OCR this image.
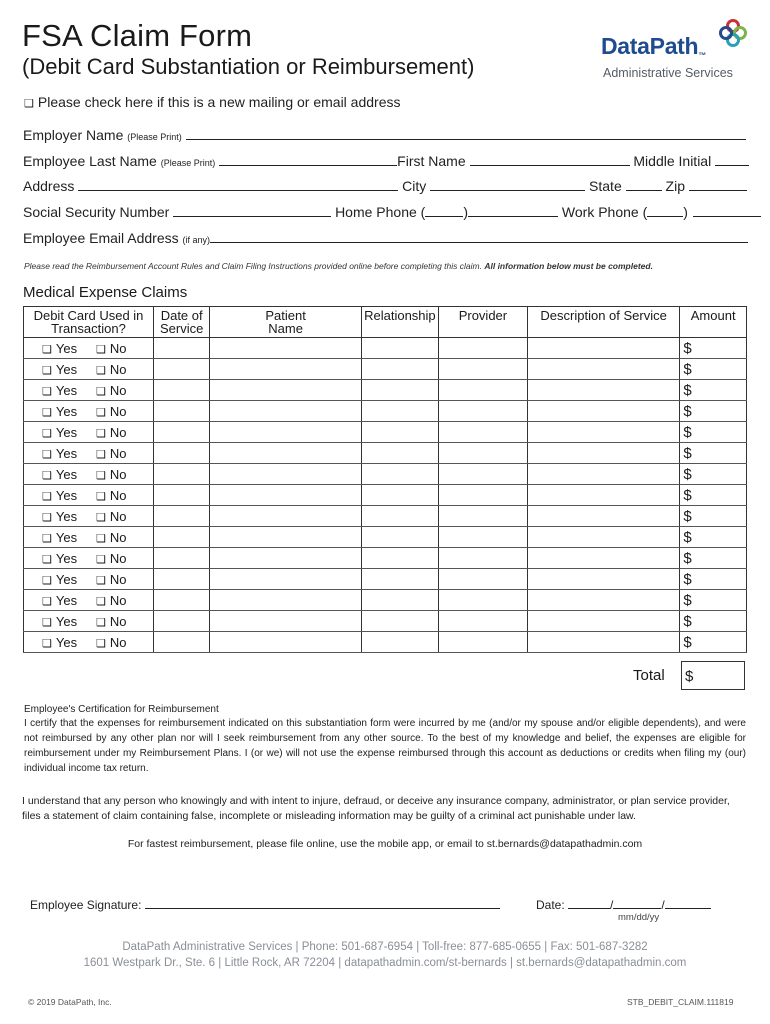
FSA Claim Form
(Debit Card Substantiation or Reimbursement)
DataPath™
Administrative Services
❑ Please check here if this is a new mailing or email address
Employer Name (Please Print)
Employee Last Name (Please Print)	First Name	Middle Initial
Address	City	State	Zip
Social Security Number	Home Phone (	)	Work Phone (	)
Employee Email Address (if any)
Please read the Reimbursement Account Rules and Claim Filing Instructions provided online before completing this claim. All information below must be completed.
Medical Expense Claims
Debit Card Used in Transaction?	Date of Service	Patient Name	Relationship	Provider	Description of Service	Amount
❑ Yes ❑ No						$
❑ Yes ❑ No						$
❑ Yes ❑ No						$
❑ Yes ❑ No						$
❑ Yes ❑ No						$
❑ Yes ❑ No						$
❑ Yes ❑ No						$
❑ Yes ❑ No						$
❑ Yes ❑ No						$
❑ Yes ❑ No						$
❑ Yes ❑ No						$
❑ Yes ❑ No						$
❑ Yes ❑ No						$
❑ Yes ❑ No						$
❑ Yes ❑ No						$
Total $
Employee's Certification for Reimbursement
I certify that the expenses for reimbursement indicated on this substantiation form were incurred by me (and/or my spouse and/or eligible dependents), and were not reimbursed by any other plan nor will I seek reimbursement from any other source. To the best of my knowledge and belief, the expenses are eligible for reimbursement under my Reimbursement Plans. I (or we) will not use the expense reimbursed through this account as deductions or credits when filing my (our) individual income tax return.
I understand that any person who knowingly and with intent to injure, defraud, or deceive any insurance company, administrator, or plan service provider, files a statement of claim containing false, incomplete or misleading information may be guilty of a criminal act punishable under law.
For fastest reimbursement, please file online, use the mobile app, or email to st.bernards@datapathadmin.com
Employee Signature:	Date:	/	/
mm/dd/yy
DataPath Administrative Services | Phone: 501-687-6954 | Toll-free: 877-685-0655 | Fax: 501-687-3282
1601 Westpark Dr., Ste. 6 | Little Rock, AR 72204 | datapathadmin.com/st-bernards | st.bernards@datapathadmin.com
© 2019 DataPath, Inc.	STB_DEBIT_CLAIM.111819
